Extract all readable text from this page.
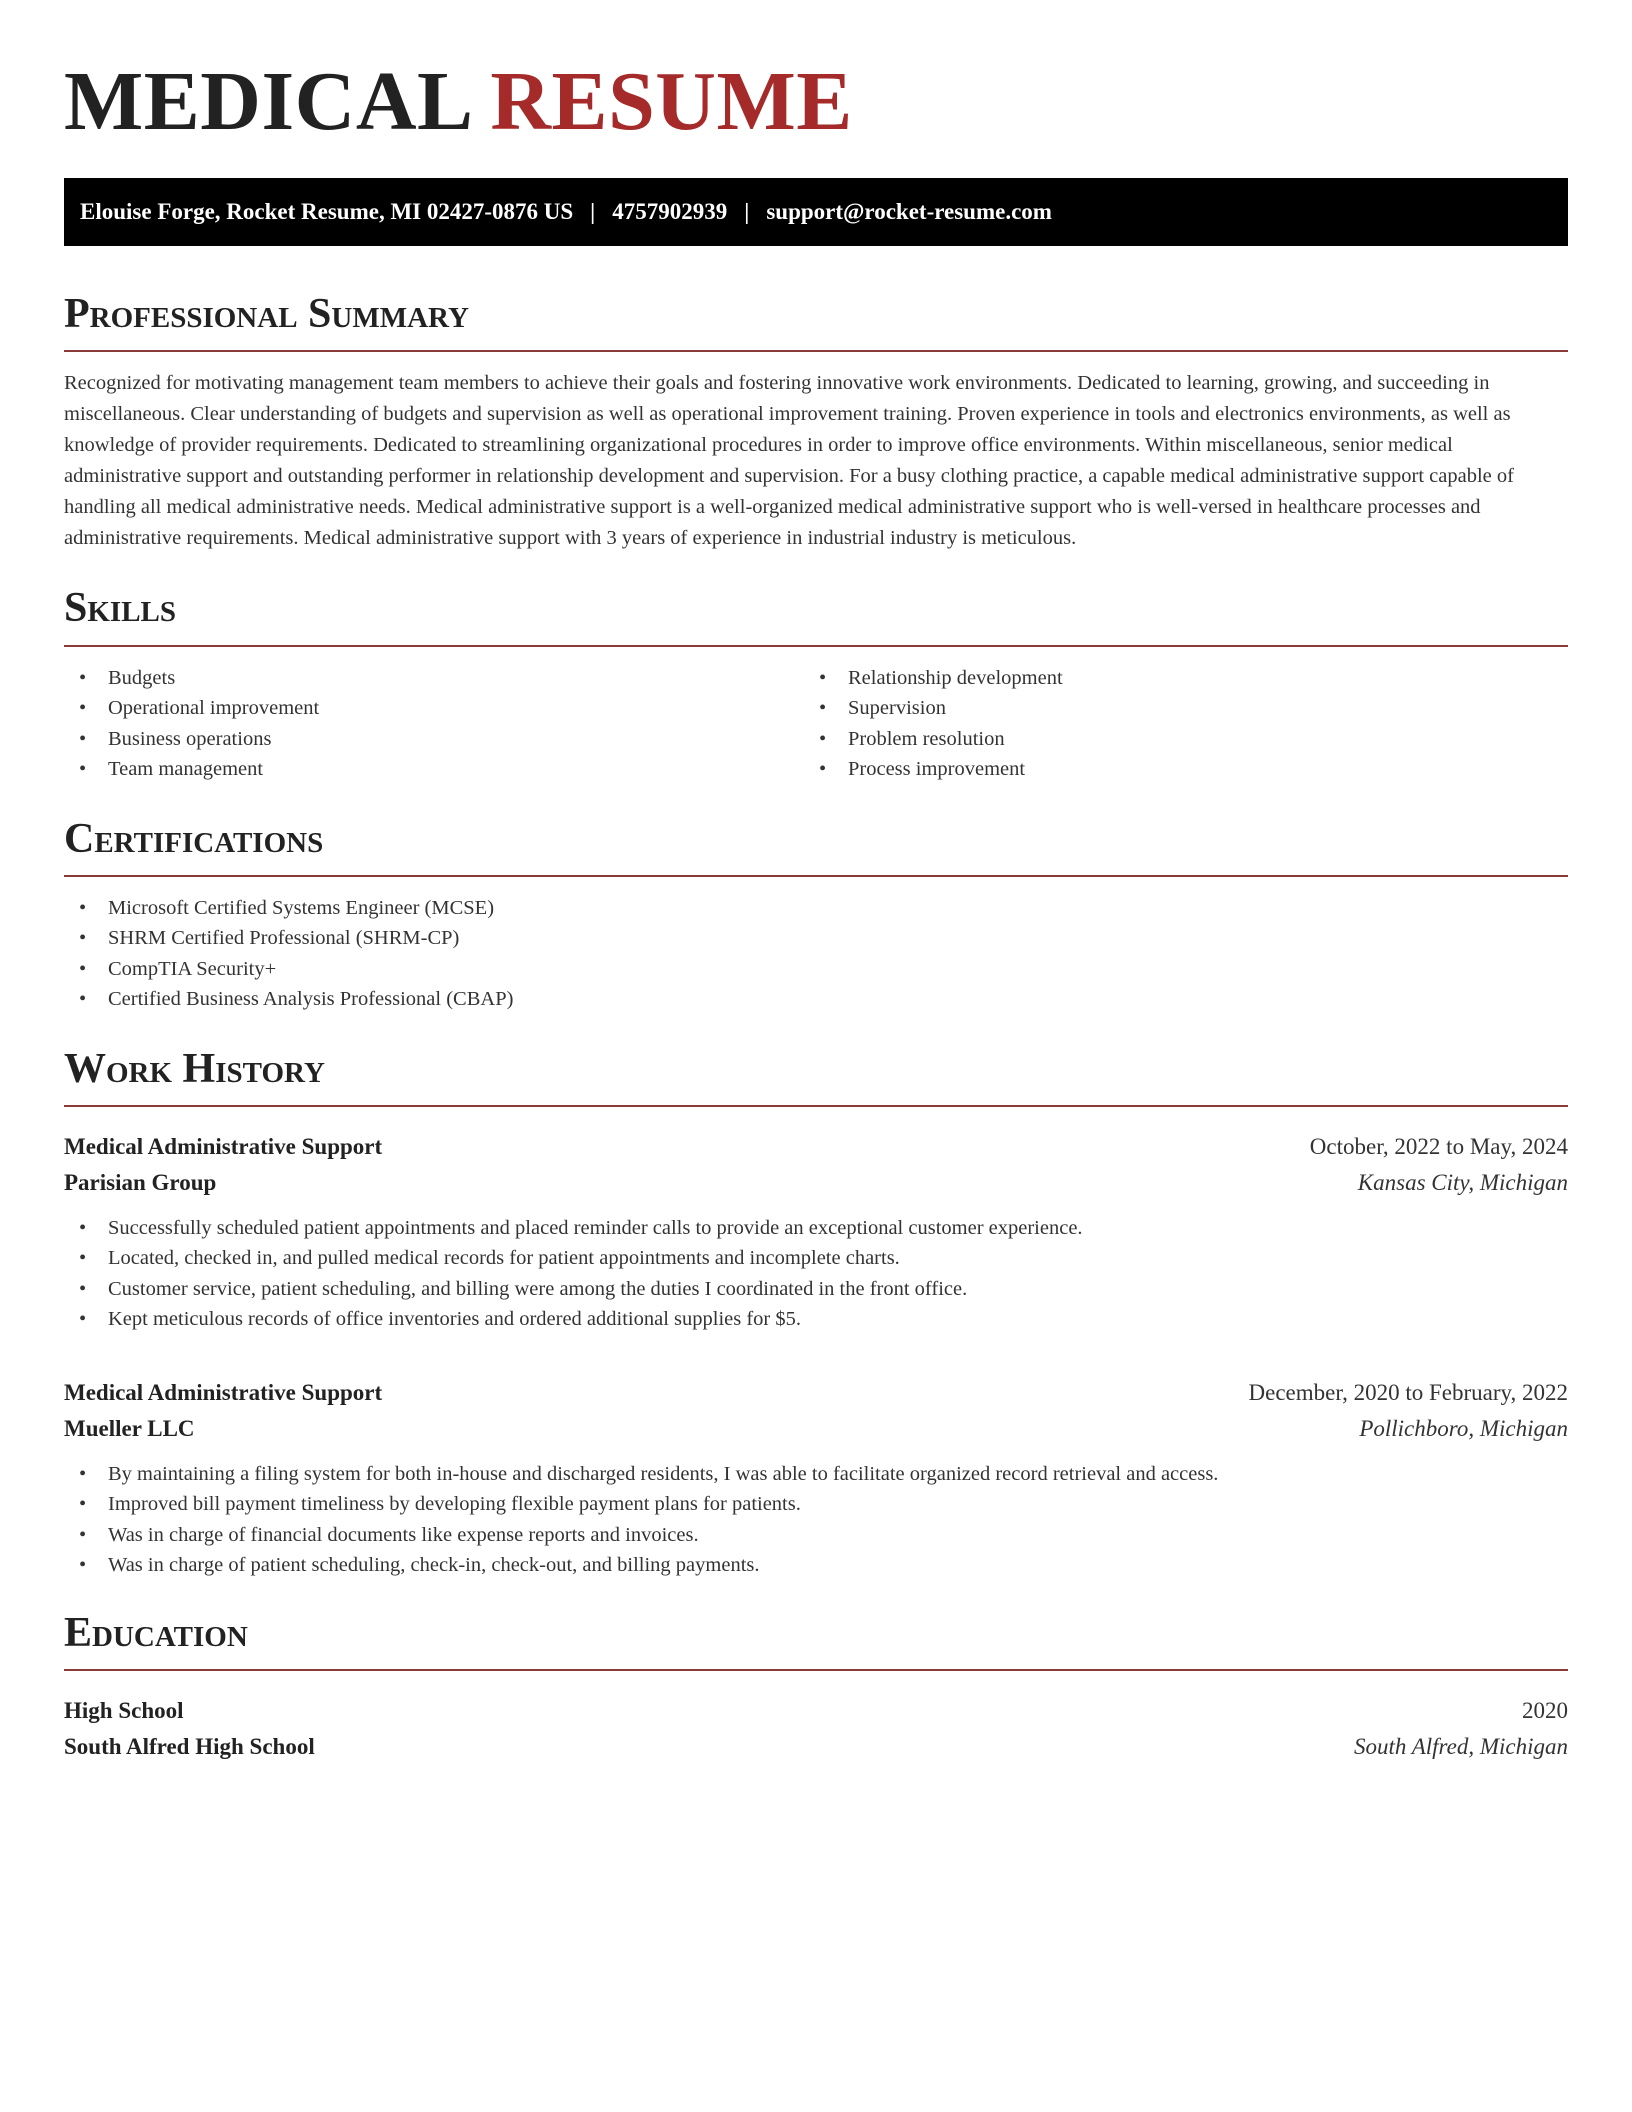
MEDICAL RESUME
Elouise Forge, Rocket Resume, MI 02427-0876 US | 4757902939 | support@rocket-resume.com
Professional Summary

Recognized for motivating management team members to achieve their goals and fostering innovative work environments. Dedicated to learning, growing, and succeeding in miscellaneous. Clear understanding of budgets and supervision as well as operational improvement training. Proven experience in tools and electronics environments, as well as knowledge of provider requirements. Dedicated to streamlining organizational procedures in order to improve office environments. Within miscellaneous, senior medical administrative support and outstanding performer in relationship development and supervision. For a busy clothing practice, a capable medical administrative support capable of handling all medical administrative needs. Medical administrative support is a well-organized medical administrative support who is well-versed in healthcare processes and administrative requirements. Medical administrative support with 3 years of experience in industrial industry is meticulous.

Skills
• Budgets
• Operational improvement
• Business operations
• Team management
• Relationship development
• Supervision
• Problem resolution
• Process improvement
Certifications
• Microsoft Certified Systems Engineer (MCSE)
• SHRM Certified Professional (SHRM-CP)
• CompTIA Security+
• Certified Business Analysis Professional (CBAP)
Work History
Medical Administrative Support	October, 2022 to May, 2024
Parisian Group	Kansas City, Michigan
• Successfully scheduled patient appointments and placed reminder calls to provide an exceptional customer experience.
• Located, checked in, and pulled medical records for patient appointments and incomplete charts.
• Customer service, patient scheduling, and billing were among the duties I coordinated in the front office.
• Kept meticulous records of office inventories and ordered additional supplies for $5.
Medical Administrative Support	December, 2020 to February, 2022
Mueller LLC	Pollichboro, Michigan
• By maintaining a filing system for both in-house and discharged residents, I was able to facilitate organized record retrieval and access.
• Improved bill payment timeliness by developing flexible payment plans for patients.
• Was in charge of financial documents like expense reports and invoices.
• Was in charge of patient scheduling, check-in, check-out, and billing payments.
Education
High School	2020
South Alfred High School	South Alfred, Michigan
